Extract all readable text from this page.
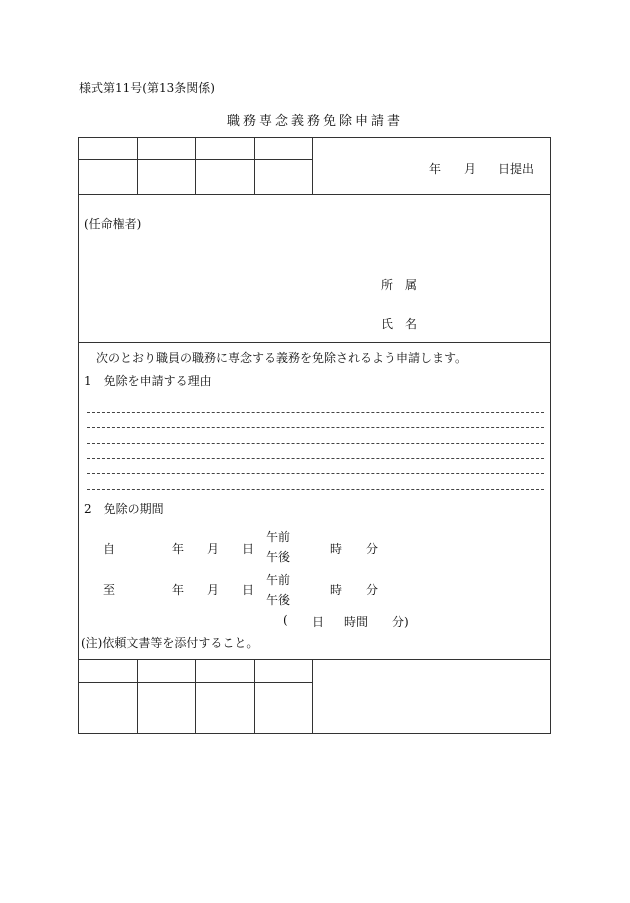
様式第11号(第13条関係)
職務専念義務免除申請書
年 月 日提出
(任命権者)
所　属
氏　名
次のとおり職員の職務に専念する義務を免除されるよう申請します。
1　免除を申請する理由
2　免除の期間
自	年 月 日
午前
午後
時 分
至	年 月 日
午前
午後
時 分
( 日 時間 分)
(注)依頼文書等を添付すること。
